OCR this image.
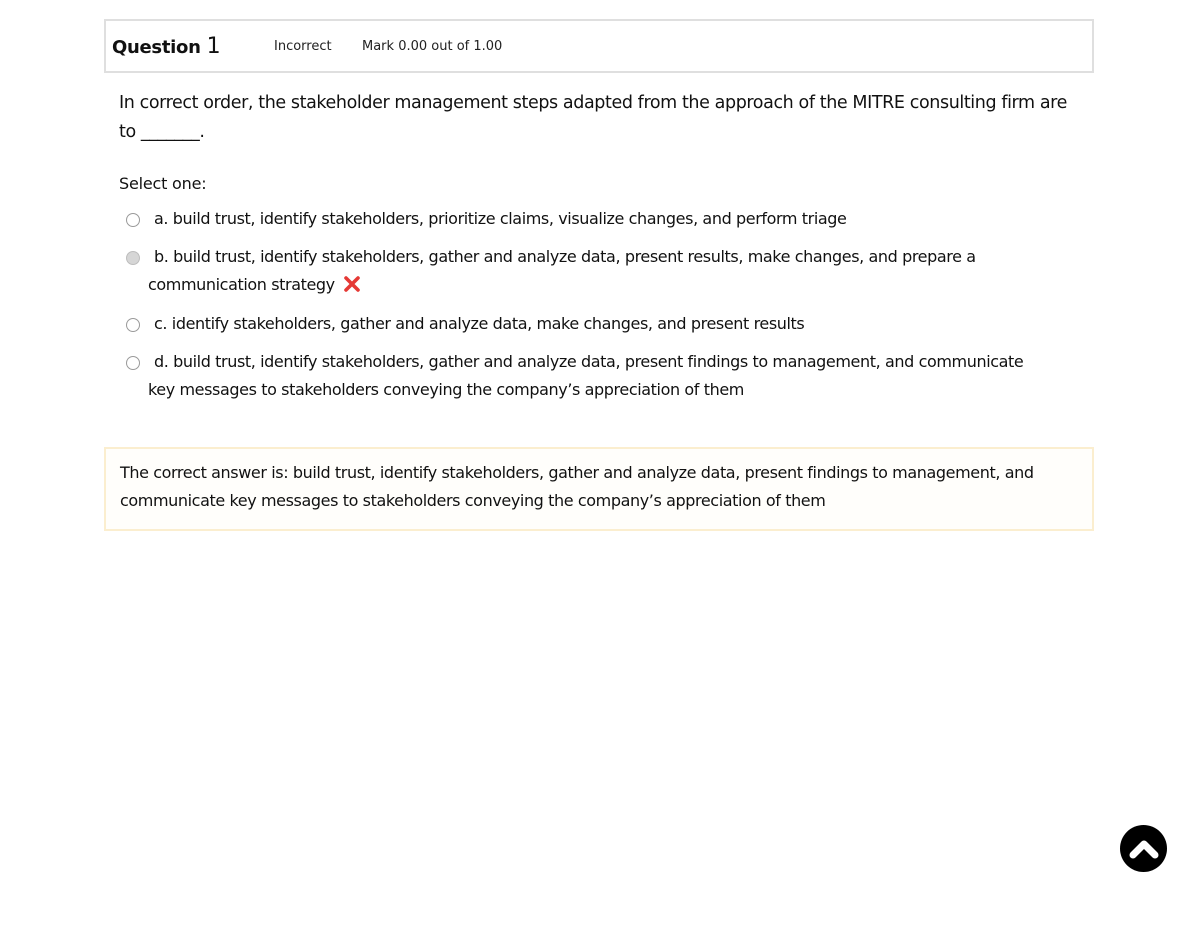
Question 1	Incorrect	Mark 0.00 out of 1.00
In correct order, the stakeholder management steps adapted from the approach of the MITRE consulting firm are to _______.
Select one:
a. build trust, identify stakeholders, prioritize claims, visualize changes, and perform triage
b. build trust, identify stakeholders, gather and analyze data, present results, make changes, and prepare a communication strategy
c. identify stakeholders, gather and analyze data, make changes, and present results
d. build trust, identify stakeholders, gather and analyze data, present findings to management, and communicate key messages to stakeholders conveying the company’s appreciation of them
The correct answer is: build trust, identify stakeholders, gather and analyze data, present findings to management, and communicate key messages to stakeholders conveying the company’s appreciation of them
